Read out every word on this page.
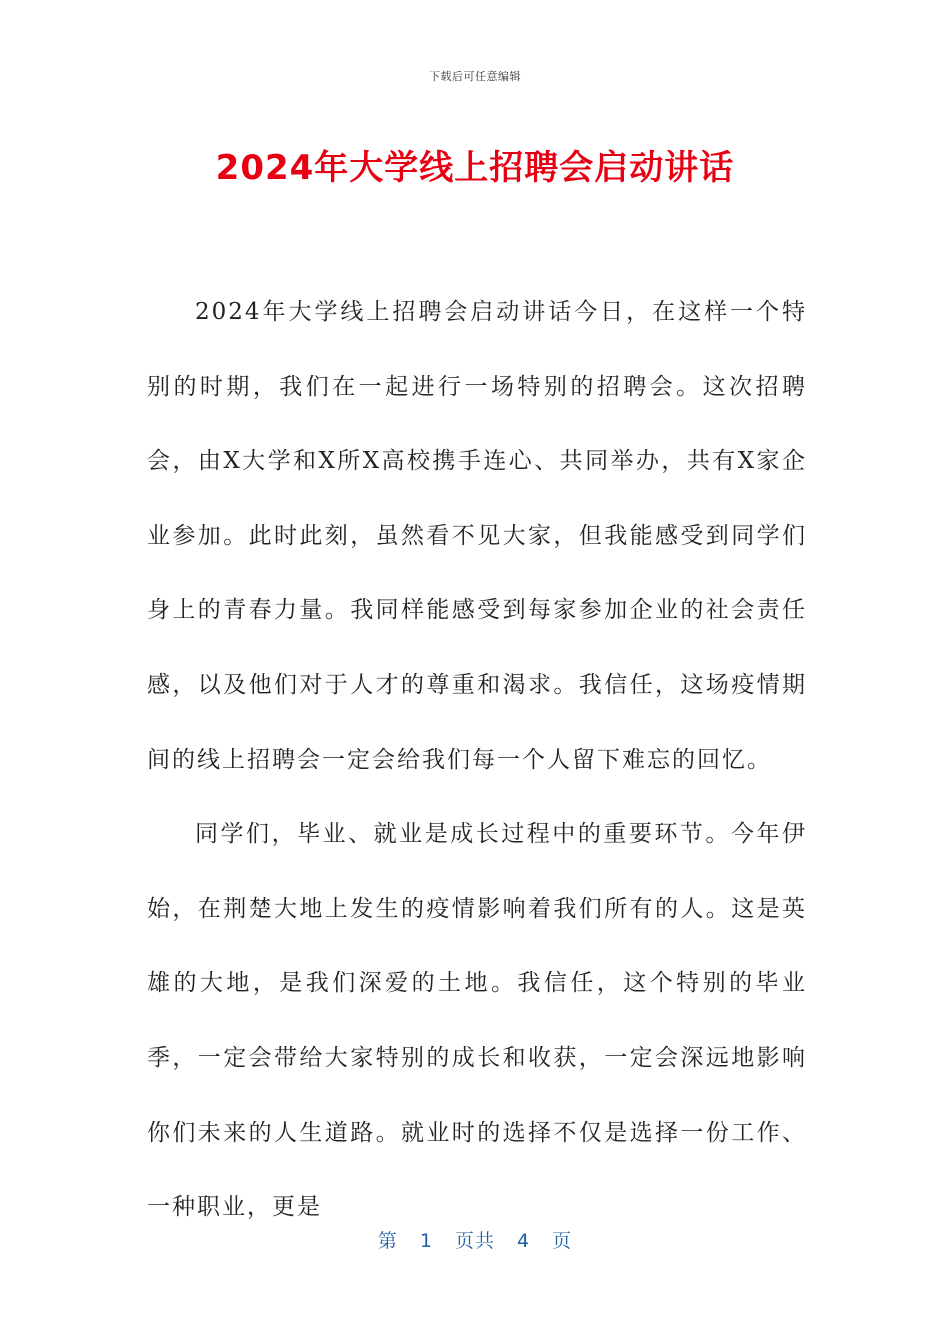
下载后可任意编辑
2024年大学线上招聘会启动讲话

2024年大学线上招聘会启动讲话今日，在这样一个特别的时期，我们在一起进行一场特别的招聘会。这次招聘会，由X大学和X所X高校携手连心、共同举办，共有X家企业参加。此时此刻，虽然看不见大家，但我能感受到同学们身上的青春力量。我同样能感受到每家参加企业的社会责任感，以及他们对于人才的尊重和渴求。我信任，这场疫情期间的线上招聘会一定会给我们每一个人留下难忘的回忆。

同学们，毕业、就业是成长过程中的重要环节。今年伊始，在荆楚大地上发生的疫情影响着我们所有的人。这是英雄的大地，是我们深爱的土地。我信任，这个特别的毕业季，一定会带给大家特别的成长和收获，一定会深远地影响你们未来的人生道路。就业时的选择不仅是选择一份工作、一种职业，更是

第 1 页共 4 页
